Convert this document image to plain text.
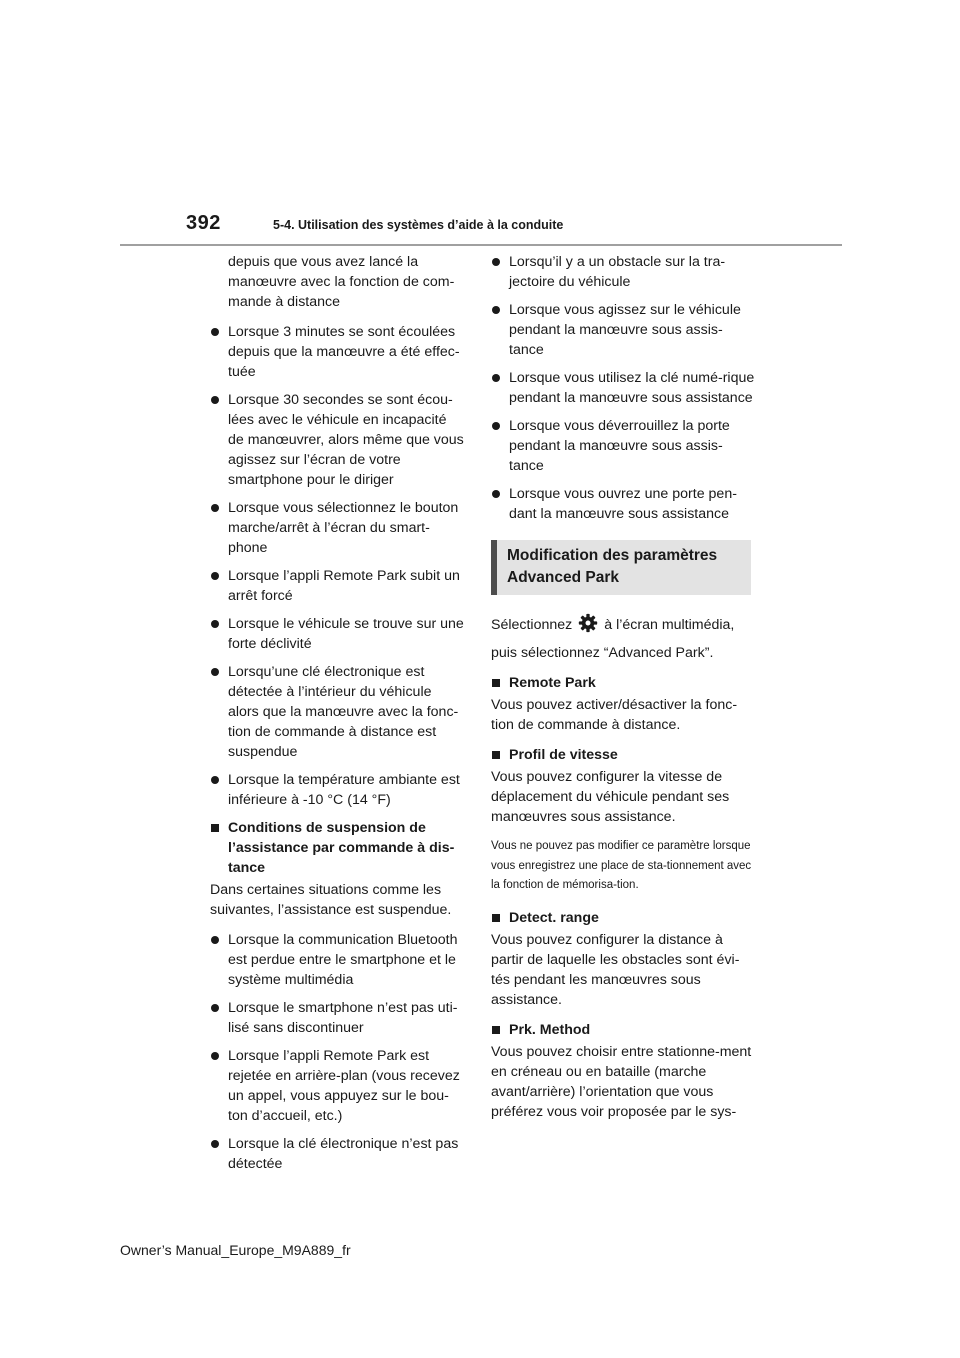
392	5-4. Utilisation des systèmes d’aide à la conduite

depuis que vous avez lancé la manœuvre avec la fonction de com-mande à distance

Lorsque 3 minutes se sont écoulées depuis que la manœuvre a été effec-tuée
Lorsque 30 secondes se sont écou-lées avec le véhicule en incapacité de manœuvrer, alors même que vous agissez sur l’écran de votre smartphone pour le diriger
Lorsque vous sélectionnez le bouton marche/arrêt à l’écran du smart-phone
Lorsque l’appli Remote Park subit un arrêt forcé
Lorsque le véhicule se trouve sur une forte déclivité
Lorsqu’une clé électronique est détectée à l’intérieur du véhicule alors que la manœuvre avec la fonc-tion de commande à distance est suspendue
Lorsque la température ambiante est inférieure à -10 °C (14 °F)
Conditions de suspension de l’assistance par commande à dis-tance

Dans certaines situations comme les suivantes, l’assistance est suspendue.

Lorsque la communication Bluetooth est perdue entre le smartphone et le système multimédia
Lorsque le smartphone n’est pas uti-lisé sans discontinuer
Lorsque l’appli Remote Park est rejetée en arrière-plan (vous recevez un appel, vous appuyez sur le bou-ton d’accueil, etc.)
Lorsque la clé électronique n’est pas détectée
Lorsqu’il y a un obstacle sur la tra-jectoire du véhicule
Lorsque vous agissez sur le véhicule pendant la manœuvre sous assis-tance
Lorsque vous utilisez la clé numé-rique pendant la manœuvre sous assistance
Lorsque vous déverrouillez la porte pendant la manœuvre sous assis-tance
Lorsque vous ouvrez une porte pen-dant la manœuvre sous assistance
Modification des paramètres Advanced Park

Sélectionnez à l’écran multimédia,

puis sélectionnez “Advanced Park”.

Remote Park

Vous pouvez activer/désactiver la fonc-tion de commande à distance.

Profil de vitesse

Vous pouvez configurer la vitesse de déplacement du véhicule pendant ses manœuvres sous assistance.

Vous ne pouvez pas modifier ce paramètre lorsque vous enregistrez une place de sta-tionnement avec la fonction de mémorisa-tion.

Detect. range

Vous pouvez configurer la distance à partir de laquelle les obstacles sont évi-tés pendant les manœuvres sous assistance.

Prk. Method

Vous pouvez choisir entre stationne-ment en créneau ou en bataille (marche avant/arrière) l’orientation que vous préférez vous voir proposée par le sys-

Owner’s Manual_Europe_M9A889_fr
